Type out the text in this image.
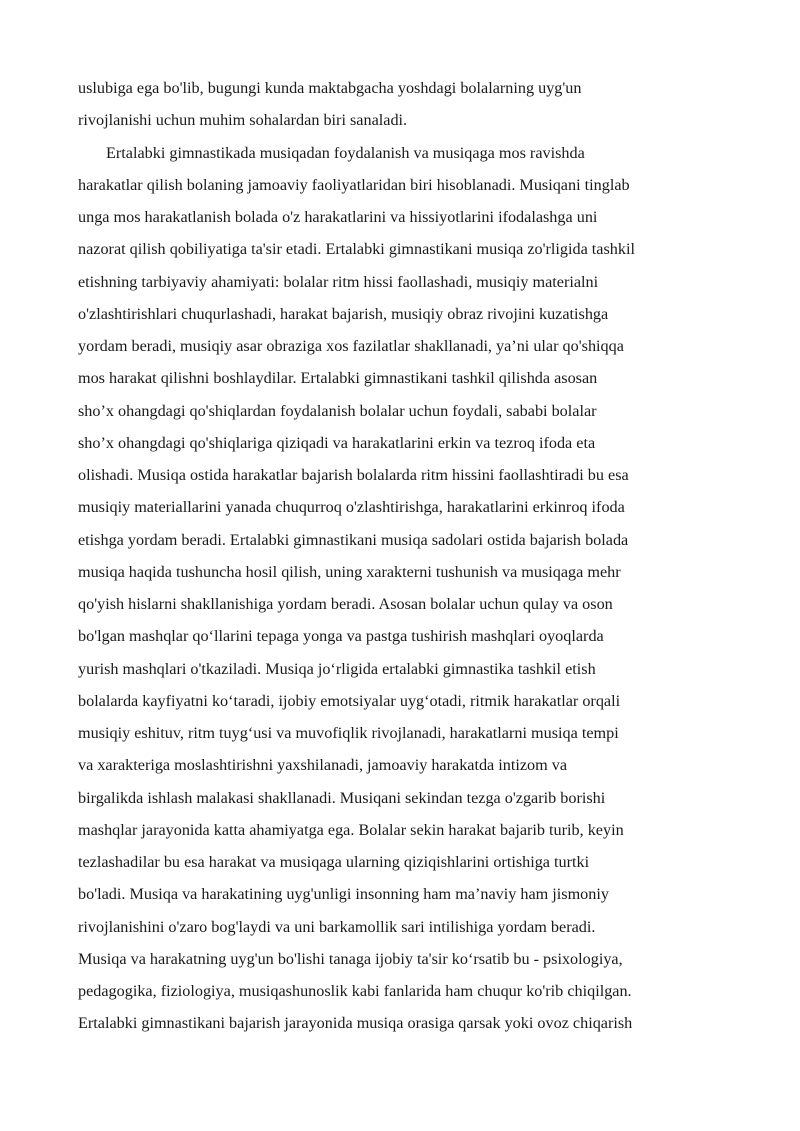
uslubiga ega bo'lib, bugungi kunda maktabgacha yoshdagi bolalarning uyg'un
rivojlanishi uchun muhim sohalardan biri sanaladi.
Ertalabki gimnastikada musiqadan foydalanish va musiqaga mos ravishda
harakatlar qilish bolaning jamoaviy faoliyatlaridan biri hisoblanadi. Musiqani tinglab
unga mos harakatlanish bolada o'z harakatlarini va hissiyotlarini ifodalashga uni
nazorat qilish qobiliyatiga ta'sir etadi. Ertalabki gimnastikani musiqa zo'rligida tashkil
etishning tarbiyaviy ahamiyati: bolalar ritm hissi faollashadi, musiqiy materialni
o'zlashtirishlari chuqurlashadi, harakat bajarish, musiqiy obraz rivojini kuzatishga
yordam beradi, musiqiy asar obraziga xos fazilatlar shakllanadi, ya’ni ular qo'shiqqa
mos harakat qilishni boshlaydilar. Ertalabki gimnastikani tashkil qilishda asosan
sho’x ohangdagi qo'shiqlardan foydalanish bolalar uchun foydali, sababi bolalar
sho’x ohangdagi qo'shiqlariga qiziqadi va harakatlarini erkin va tezroq ifoda eta
olishadi. Musiqa ostida harakatlar bajarish bolalarda ritm hissini faollashtiradi bu esa
musiqiy materiallarini yanada chuqurroq o'zlashtirishga, harakatlarini erkinroq ifoda
etishga yordam beradi. Ertalabki gimnastikani musiqa sadolari ostida bajarish bolada
musiqa haqida tushuncha hosil qilish, uning xarakterni tushunish va musiqaga mehr
qo'yish hislarni shakllanishiga yordam beradi. Asosan bolalar uchun qulay va oson
bo'lgan mashqlar qo‘llarini tepaga yonga va pastga tushirish mashqlari oyoqlarda
yurish mashqlari o'tkaziladi. Musiqa jo‘rligida ertalabki gimnastika tashkil etish
bolalarda kayfiyatni ko‘taradi, ijobiy emotsiyalar uyg‘otadi, ritmik harakatlar orqali
musiqiy eshituv, ritm tuyg‘usi va muvofiqlik rivojlanadi, harakatlarni musiqa tempi
va xarakteriga moslashtirishni yaxshilanadi, jamoaviy harakatda intizom va
birgalikda ishlash malakasi shakllanadi. Musiqani sekindan tezga o'zgarib borishi
mashqlar jarayonida katta ahamiyatga ega. Bolalar sekin harakat bajarib turib, keyin
tezlashadilar bu esa harakat va musiqaga ularning qiziqishlarini ortishiga turtki
bo'ladi. Musiqa va harakatining uyg'unligi insonning ham ma’naviy ham jismoniy
rivojlanishini o'zaro bog'laydi va uni barkamollik sari intilishiga yordam beradi.
Musiqa va harakatning uyg'un bo'lishi tanaga ijobiy ta'sir ko‘rsatib bu - psixologiya,
pedagogika, fiziologiya, musiqashunoslik kabi fanlarida ham chuqur ko'rib chiqilgan.
Ertalabki gimnastikani bajarish jarayonida musiqa orasiga qarsak yoki ovoz chiqarish
